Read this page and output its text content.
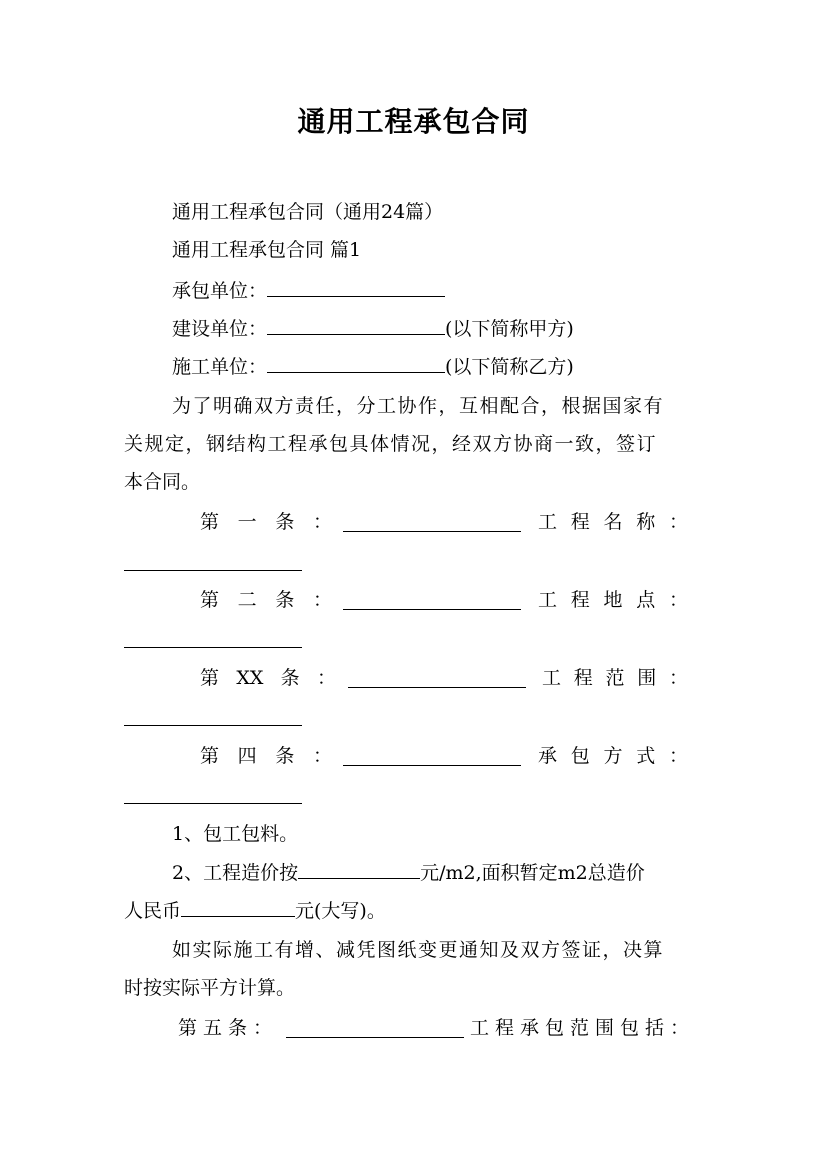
通用工程承包合同
通用工程承包合同（通用24篇）
通用工程承包合同 篇1
承包单位：
建设单位：	(以下简称甲方)
施工单位：	(以下简称乙方)
为了明确双方责任，分工协作，互相配合，根据国家有
关规定，钢结构工程承包具体情况，经双方协商一致，签订
本合同。
第 一 条 ：	工 程 名 称 ：
第 二 条 ：	工 程 地 点 ：
第 XX 条 ：	工 程 范 围 ：
第 四 条 ：	承 包 方 式 ：
1、包工包料。
2、工程造价按	元/m2,面积暂定m2总造价
人民币	元(大写)。
如实际施工有增、减凭图纸变更通知及双方签证，决算
时按实际平方计算。
第五条：	工程承包范围包括：
